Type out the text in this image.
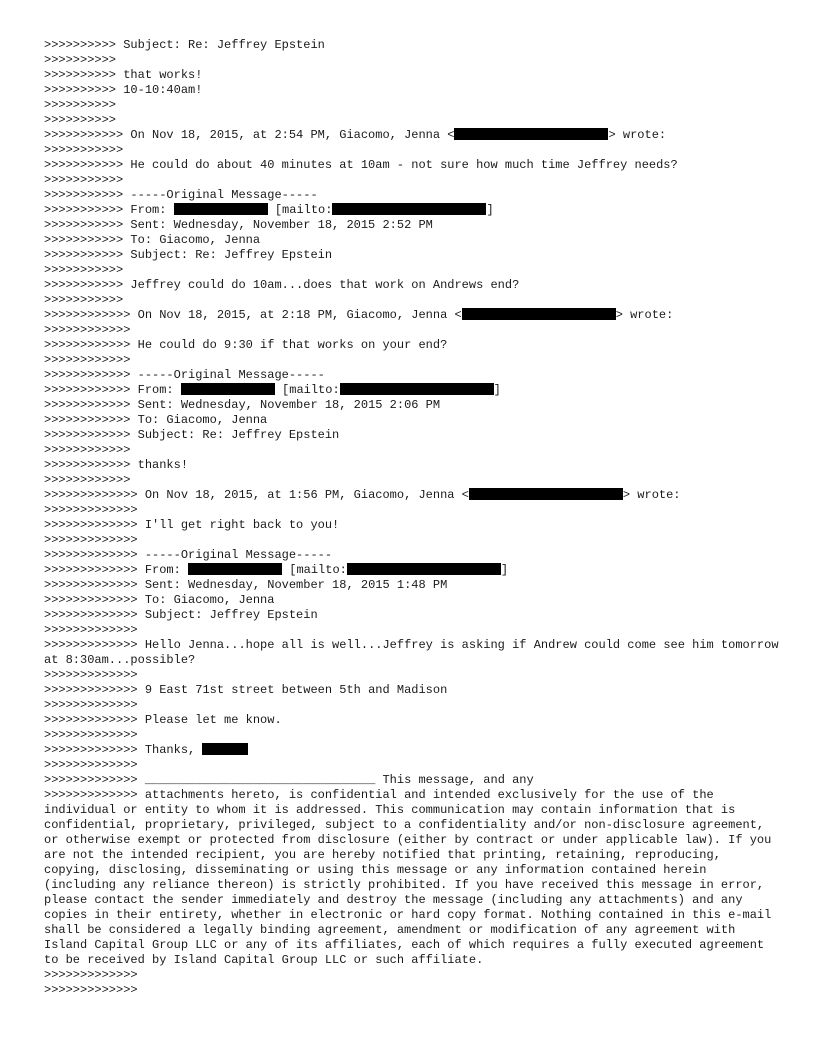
>>>>>>>>>> Subject: Re: Jeffrey Epstein
>>>>>>>>>>
>>>>>>>>>> that works!
>>>>>>>>>> 10-10:40am!
>>>>>>>>>>
>>>>>>>>>>
>>>>>>>>>>> On Nov 18, 2015, at 2:54 PM, Giacomo, Jenna <	> wrote:
>>>>>>>>>>>
>>>>>>>>>>> He could do about 40 minutes at 10am - not sure how much time Jeffrey needs?
>>>>>>>>>>>
>>>>>>>>>>> -----Original Message-----
>>>>>>>>>>> From:	[mailto:	]
>>>>>>>>>>> Sent: Wednesday, November 18, 2015 2:52 PM
>>>>>>>>>>> To: Giacomo, Jenna
>>>>>>>>>>> Subject: Re: Jeffrey Epstein
>>>>>>>>>>>
>>>>>>>>>>> Jeffrey could do 10am...does that work on Andrews end?
>>>>>>>>>>>
>>>>>>>>>>>> On Nov 18, 2015, at 2:18 PM, Giacomo, Jenna <	> wrote:
>>>>>>>>>>>>
>>>>>>>>>>>> He could do 9:30 if that works on your end?
>>>>>>>>>>>>
>>>>>>>>>>>> -----Original Message-----
>>>>>>>>>>>> From:	[mailto:	]
>>>>>>>>>>>> Sent: Wednesday, November 18, 2015 2:06 PM
>>>>>>>>>>>> To: Giacomo, Jenna
>>>>>>>>>>>> Subject: Re: Jeffrey Epstein
>>>>>>>>>>>>
>>>>>>>>>>>> thanks!
>>>>>>>>>>>>
>>>>>>>>>>>>> On Nov 18, 2015, at 1:56 PM, Giacomo, Jenna <	> wrote:
>>>>>>>>>>>>>
>>>>>>>>>>>>> I'll get right back to you!
>>>>>>>>>>>>>
>>>>>>>>>>>>> -----Original Message-----
>>>>>>>>>>>>> From:	[mailto:	]
>>>>>>>>>>>>> Sent: Wednesday, November 18, 2015 1:48 PM
>>>>>>>>>>>>> To: Giacomo, Jenna
>>>>>>>>>>>>> Subject: Jeffrey Epstein
>>>>>>>>>>>>>
>>>>>>>>>>>>> Hello Jenna...hope all is well...Jeffrey is asking if Andrew could come see him tomorrow at 8:30am...possible?
>>>>>>>>>>>>>
>>>>>>>>>>>>> 9 East 71st street between 5th and Madison
>>>>>>>>>>>>>
>>>>>>>>>>>>> Please let me know.
>>>>>>>>>>>>>
>>>>>>>>>>>>> Thanks,
>>>>>>>>>>>>>
>>>>>>>>>>>>> ________________________________ This message, and any
>>>>>>>>>>>>> attachments hereto, is confidential and intended exclusively for the use of the individual or entity to whom it is addressed. This communication may contain information that is confidential, proprietary, privileged, subject to a confidentiality and/or non-disclosure agreement, or otherwise exempt or protected from disclosure (either by contract or under applicable law). If you are not the intended recipient, you are hereby notified that printing, retaining, reproducing, copying, disclosing, disseminating or using this message or any information contained herein (including any reliance thereon) is strictly prohibited. If you have received this message in error, please contact the sender immediately and destroy the message (including any attachments) and any copies in their entirety, whether in electronic or hard copy format. Nothing contained in this e-mail shall be considered a legally binding agreement, amendment or modification of any agreement with Island Capital Group LLC or any of its affiliates, each of which requires a fully executed agreement to be received by Island Capital Group LLC or such affiliate.
>>>>>>>>>>>>>
>>>>>>>>>>>>>
